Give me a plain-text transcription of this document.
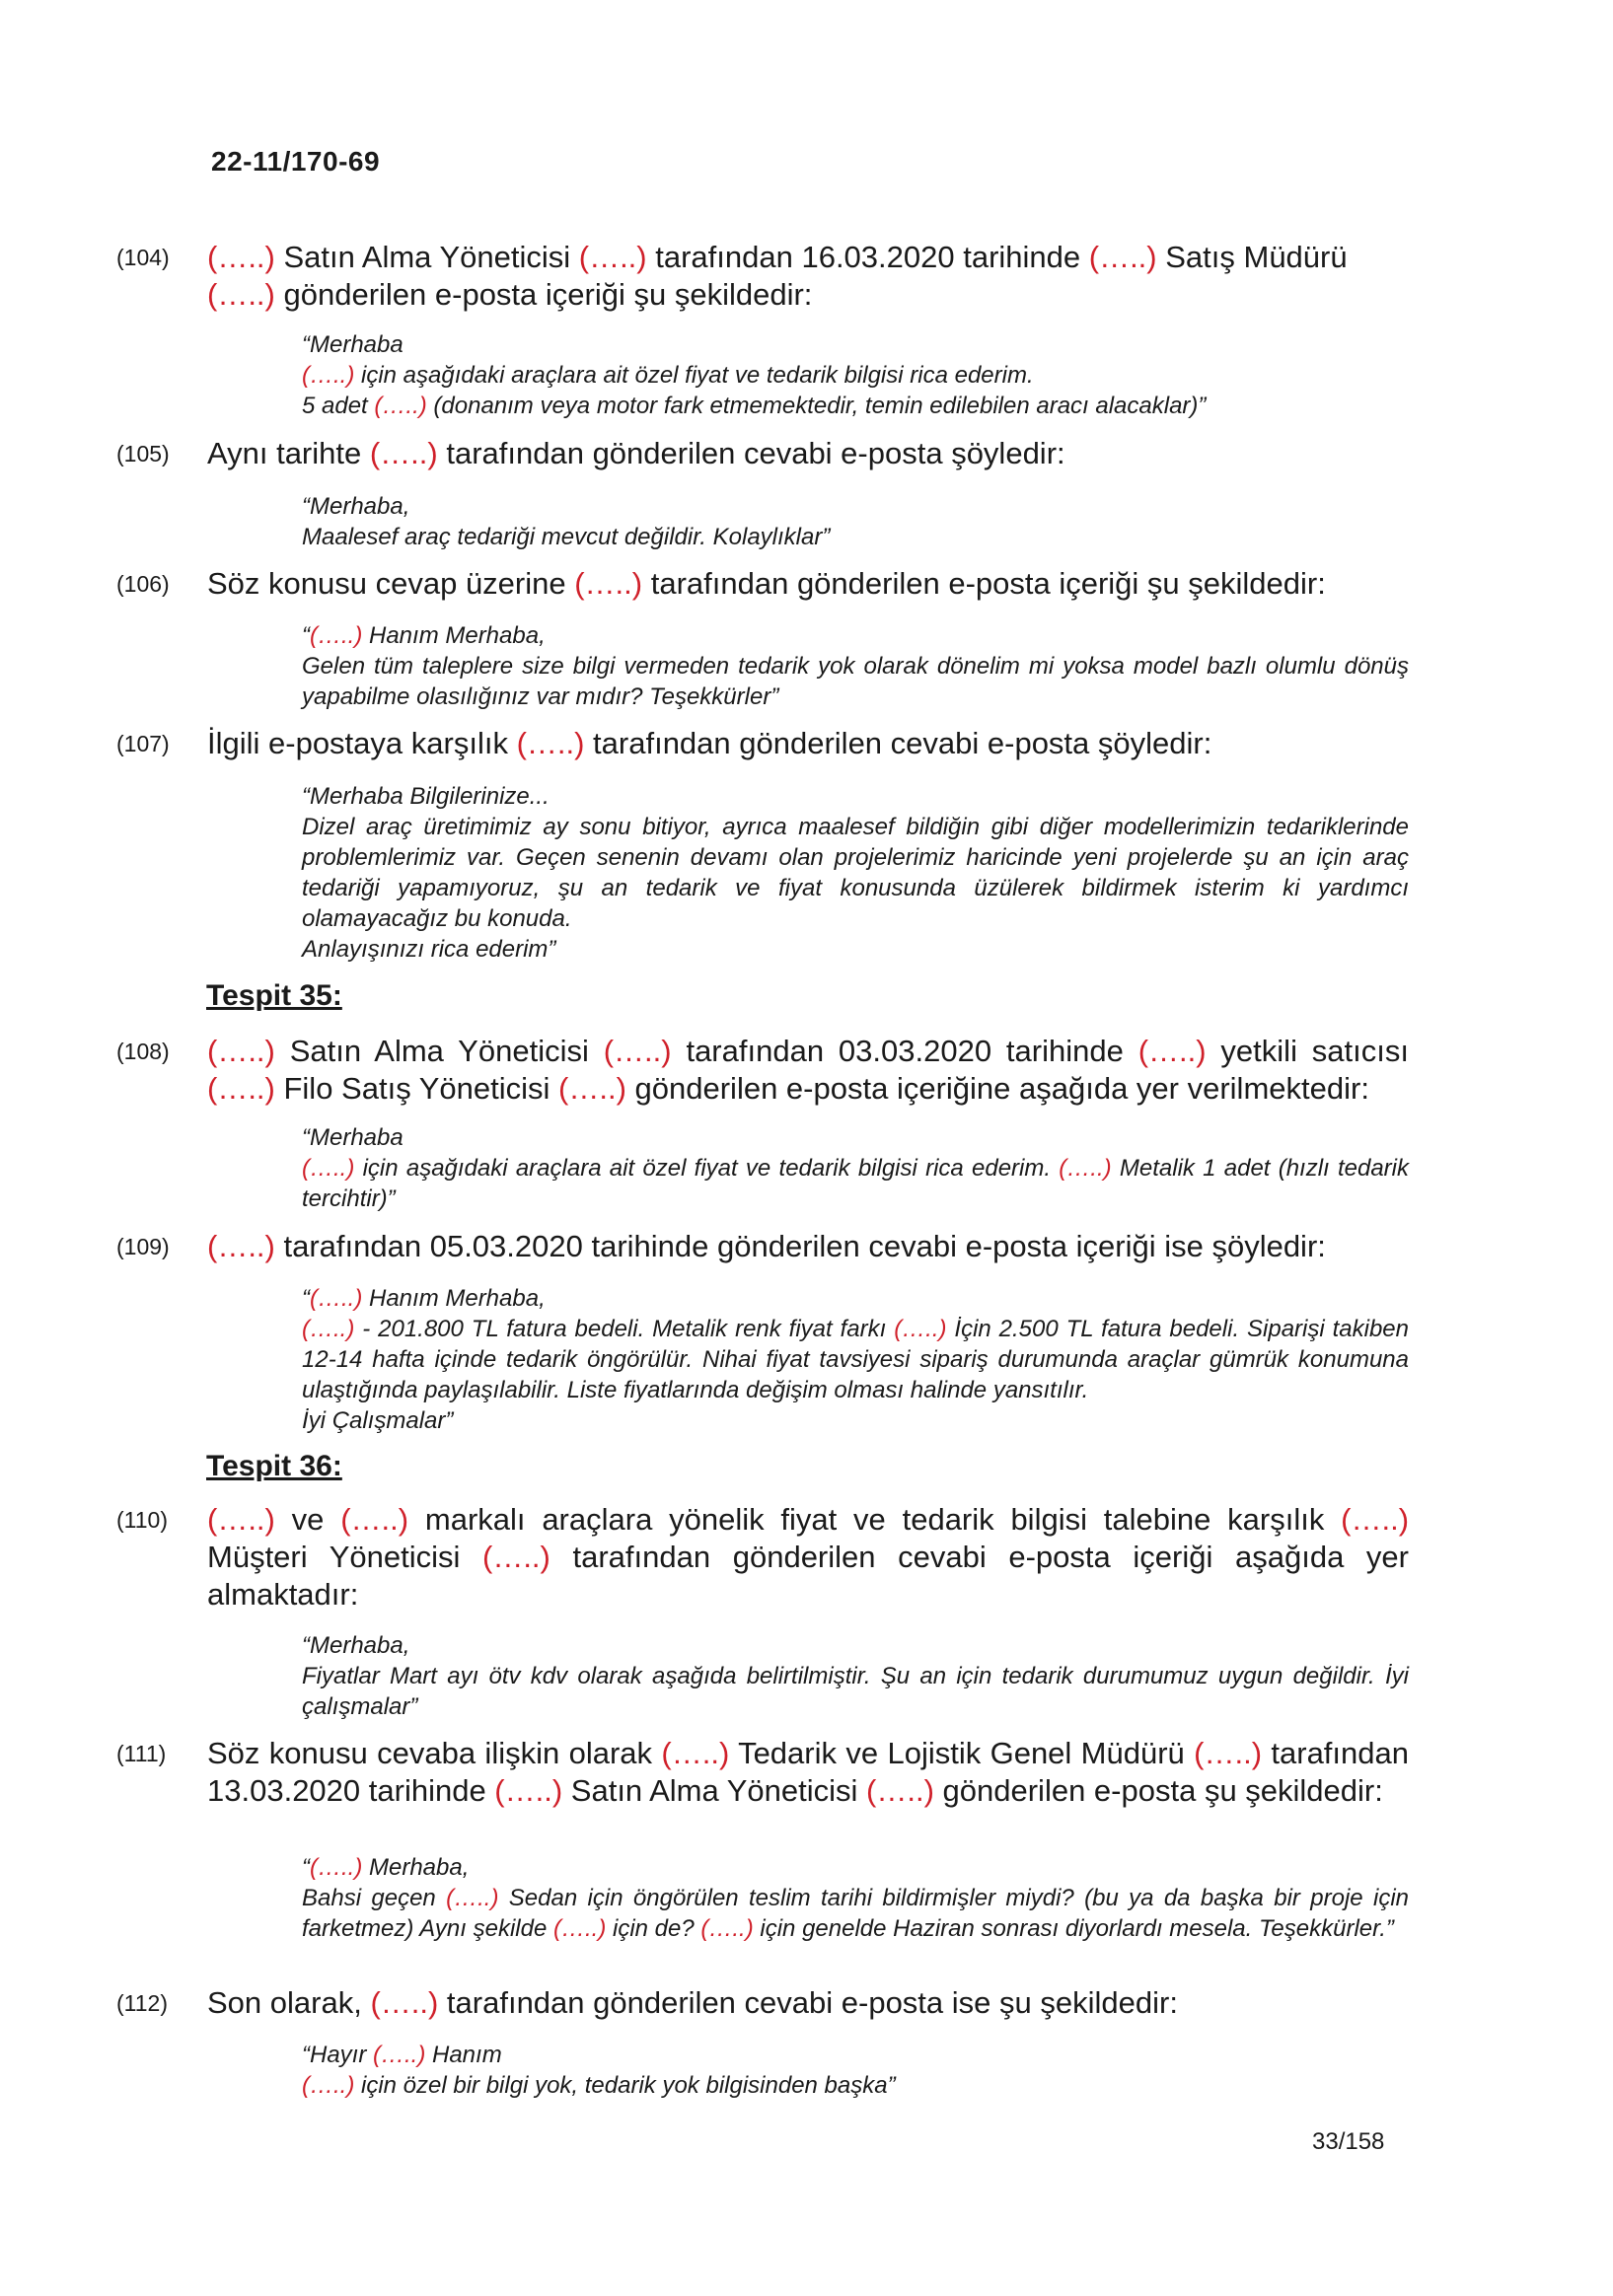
22-11/170-69
(104) (…..) Satın Alma Yöneticisi (…..) tarafından 16.03.2020 tarihinde (…..) Satış Müdürü (…..) gönderilen e-posta içeriği şu şekildedir:
“Merhaba
(…..) için aşağıdaki araçlara ait özel fiyat ve tedarik bilgisi rica ederim.
5 adet (…..) (donanım veya motor fark etmemektedir, temin edilebilen aracı alacaklar)”
(105) Aynı tarihte (…..) tarafından gönderilen cevabi e-posta şöyledir:
“Merhaba,
Maalesef araç tedariği mevcut değildir. Kolaylıklar”
(106) Söz konusu cevap üzerine (…..) tarafından gönderilen e-posta içeriği şu şekildedir:
“(…..) Hanım Merhaba,
Gelen tüm taleplere size bilgi vermeden tedarik yok olarak dönelim mi yoksa model bazlı olumlu dönüş yapabilme olasılığınız var mıdır? Teşekkürler”
(107) İlgili e-postaya karşılık (…..) tarafından gönderilen cevabi e-posta şöyledir:
“Merhaba Bilgilerinize...
Dizel araç üretimimiz ay sonu bitiyor, ayrıca maalesef bildiğin gibi diğer modellerimizin tedariklerinde problemlerimiz var. Geçen senenin devamı olan projelerimiz haricinde yeni projelerde şu an için araç tedariği yapamıyoruz, şu an tedarik ve fiyat konusunda üzülerek bildirmek isterim ki yardımcı olamayacağız bu konuda.
Anlayışınızı rica ederim”
Tespit 35:
(108) (…..) Satın Alma Yöneticisi (…..) tarafından 03.03.2020 tarihinde (…..) yetkili satıcısı (…..) Filo Satış Yöneticisi (…..) gönderilen e-posta içeriğine aşağıda yer verilmektedir:
“Merhaba
(…..) için aşağıdaki araçlara ait özel fiyat ve tedarik bilgisi rica ederim. (…..) Metalik 1 adet (hızlı tedarik tercihtir)”
(109) (…..) tarafından 05.03.2020 tarihinde gönderilen cevabi e-posta içeriği ise şöyledir:
“(…..) Hanım Merhaba,
(…..) - 201.800 TL fatura bedeli. Metalik renk fiyat farkı (…..) İçin 2.500 TL fatura bedeli. Siparişi takiben 12-14 hafta içinde tedarik öngörülür. Nihai fiyat tavsiyesi sipariş durumunda araçlar gümrük konumuna ulaştığında paylaşılabilir. Liste fiyatlarında değişim olması halinde yansıtılır.
İyi Çalışmalar”
Tespit 36:
(110) (…..) ve (…..) markalı araçlara yönelik fiyat ve tedarik bilgisi talebine karşılık (…..) Müşteri Yöneticisi (…..) tarafından gönderilen cevabi e-posta içeriği aşağıda yer almaktadır:
“Merhaba,
Fiyatlar Mart ayı ötv kdv olarak aşağıda belirtilmiştir. Şu an için tedarik durumumuz uygun değildir. İyi çalışmalar”
(111) Söz konusu cevaba ilişkin olarak (…..) Tedarik ve Lojistik Genel Müdürü (…..) tarafından 13.03.2020 tarihinde (…..) Satın Alma Yöneticisi (…..) gönderilen e-posta şu şekildedir:
“(…..) Merhaba,
Bahsi geçen (…..) Sedan için öngörülen teslim tarihi bildirmişler miydi? (bu ya da başka bir proje için farketmez) Aynı şekilde (…..) için de? (…..) için genelde Haziran sonrası diyorlardı mesela. Teşekkürler.”
(112) Son olarak, (…..) tarafından gönderilen cevabi e-posta ise şu şekildedir:
“Hayır (…..) Hanım
(…..) için özel bir bilgi yok, tedarik yok bilgisinden başka”
33/158
